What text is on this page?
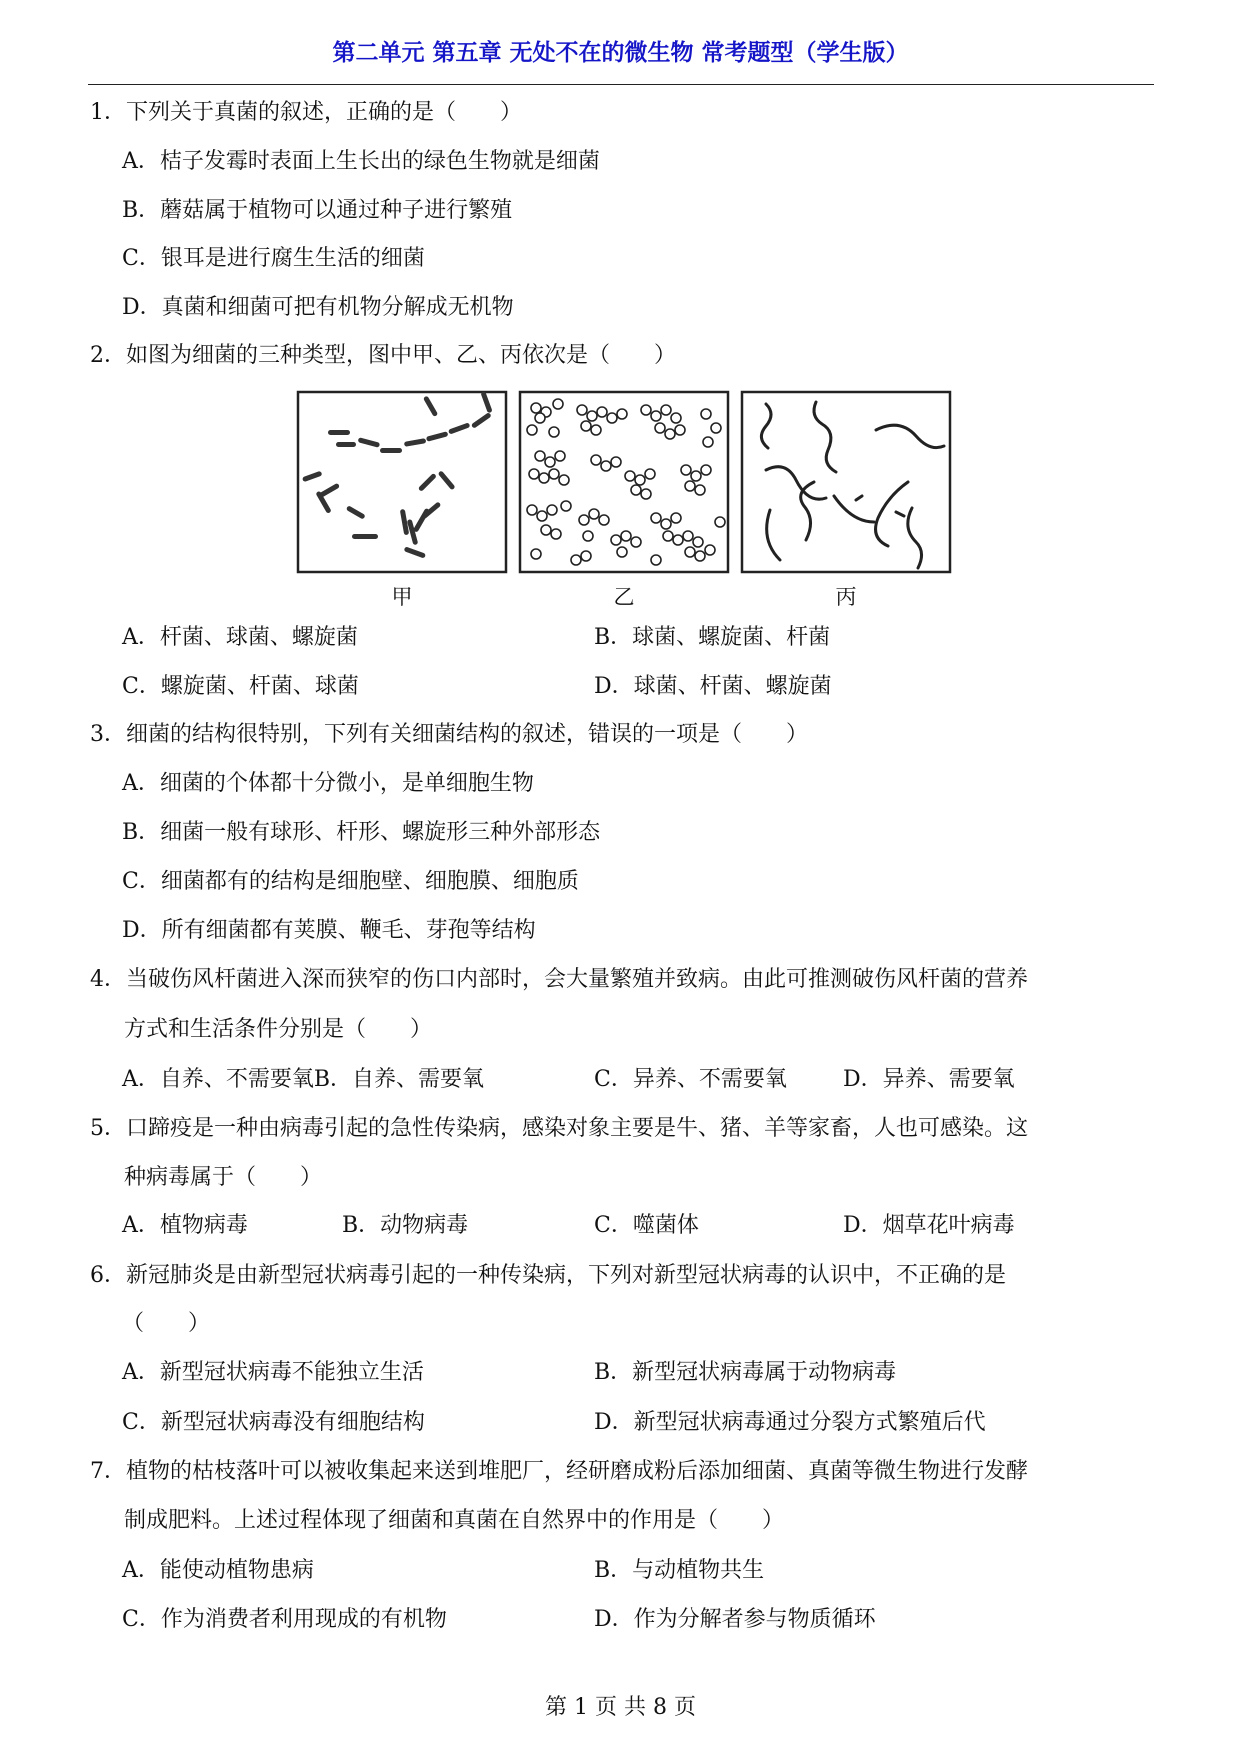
第二单元 第五章 无处不在的微生物 常考题型（学生版）
1．下列关于真菌的叙述，正确的是（　　）
A．桔子发霉时表面上生长出的绿色生物就是细菌
B．蘑菇属于植物可以通过种子进行繁殖
C．银耳是进行腐生生活的细菌
D．真菌和细菌可把有机物分解成无机物
2．如图为细菌的三种类型，图中甲、乙、丙依次是（　　）
甲	乙	丙
A．杆菌、球菌、螺旋菌	B．球菌、螺旋菌、杆菌
C．螺旋菌、杆菌、球菌	D．球菌、杆菌、螺旋菌
3．细菌的结构很特别，下列有关细菌结构的叙述，错误的一项是（　　）
A．细菌的个体都十分微小，是单细胞生物
B．细菌一般有球形、杆形、螺旋形三种外部形态
C．细菌都有的结构是细胞壁、细胞膜、细胞质
D．所有细菌都有荚膜、鞭毛、芽孢等结构
4．当破伤风杆菌进入深而狭窄的伤口内部时，会大量繁殖并致病。由此可推测破伤风杆菌的营养
方式和生活条件分别是（　　）
A．自养、不需要氧B．自养、需要氧	C．异养、不需要氧	D．异养、需要氧
5．口蹄疫是一种由病毒引起的急性传染病，感染对象主要是牛、猪、羊等家畜，人也可感染。这
种病毒属于（　　）
A．植物病毒	B．动物病毒	C．噬菌体	D．烟草花叶病毒
6．新冠肺炎是由新型冠状病毒引起的一种传染病，下列对新型冠状病毒的认识中，不正确的是
（　　）
A．新型冠状病毒不能独立生活	B．新型冠状病毒属于动物病毒
C．新型冠状病毒没有细胞结构	D．新型冠状病毒通过分裂方式繁殖后代
7．植物的枯枝落叶可以被收集起来送到堆肥厂，经研磨成粉后添加细菌、真菌等微生物进行发酵
制成肥料。上述过程体现了细菌和真菌在自然界中的作用是（　　）
A．能使动植物患病	B．与动植物共生
C．作为消费者利用现成的有机物	D．作为分解者参与物质循环
第 1 页 共 8 页
